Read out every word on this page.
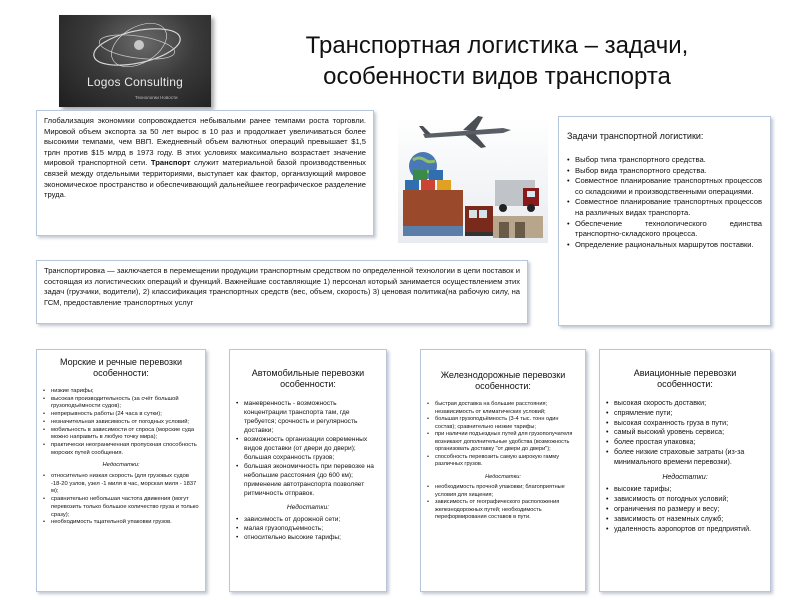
Logos Consulting
Технологии Новости
Транспортная логистика – задачи,
особенности видов транспорта
Глобализация экономики сопровождается небывалыми ранее темпами роста торговли. Мировой объем экспорта за 50 лет вырос в 10 раз и продолжает увеличиваться более высокими темпами, чем ВВП. Ежедневный объем валютных операций превышает $1,5 трлн против $15 млрд в 1973 году. В этих условиях максимально возрастает значение мировой транспортной сети. Транспорт служит материальной базой производственных связей между отдельными территориями, выступает как фактор, организующий мировое экономическое пространство и обеспечивающий дальнейшее географическое разделение труда.
Задачи транспортной логистики:
• Выбор типа транспортного средства.
• Выбор вида транспортного средства.
• Совместное планирование транспортных процессов со складскими и производственными операциями.
• Совместное планирование транспортных процессов на различных видах транспорта.
• Обеспечение технологического единства транспортно-складского процесса.
• Определение рациональных маршрутов поставки.
Транспортировка — заключается в перемещении продукции транспортным средством по определенной технологии в цепи поставок и состоящая из логистических операций и функций. Важнейшие составляющие 1) персонал который занимается осуществлением этих задач (грузчики, водители), 2) классификация транспортных средств (вес, объем, скорость) 3) ценовая политика(на рабочую силу, на ГСМ, предоставление транспортных услуг
Морские и речные перевозки особенности:
• низкие тарифы;
• высокая производительность (за счёт большой грузоподъёмности судов);
• непрерывность работы (24 часа в сутки);
• незначительная зависимость от погодных условий;
• мобильность в зависимости от спроса (морские суда можно направить в любую точку мира);
• практически неограниченная пропускная способность морских путей сообщения.
Недостатки:
• относительно низкая скорость (для грузовых судов -18-20 узлов, узел -1 миля в час, морская миля - 1837 м);
• сравнительно небольшая частота движения (могут перевозить только большое количество груза и только сразу);
• необходимость тщательной упаковки грузов.
Автомобильные перевозки особенности:
• маневренность - возможность концентрации транспорта там, где требуется; срочность и регулярность доставки;
• возможность организации современных видов доставки (от двери до двери); большая сохранность грузов;
• большая экономичность при перевозке на небольшие расстояния (до 600 км); применение автотранспорта позволяет ритмичность отправок.
Недостатки:
• зависимость от дорожной сети;
• малая грузоподъемность;
• относительно высокие тарифы;
Железнодорожные перевозки особенности:
• быстрая доставка на большие расстояния; независимость от климатических условий;
• большая грузоподъёмность (3-4 тыс. тонн один состав); сравнительно низкие тарифы;
• при наличии подъездных путей для грузополучателя возникают дополнительные удобства (возможность организовать доставку "от двери до двери");
• способность перевозить самую широкую гамму различных грузов.
Недостатки:
• необходимость прочной упаковки; благоприятные условия для хищения;
• зависимость от географического расположения железнодорожных путей; необходимость переформирования составов в пути.
Авиационные перевозки особенности:
• высокая скорость доставки;
• спрямление пути;
• высокая сохранность груза в пути;
• самый высокий уровень сервиса;
• более простая упаковка;
• более низкие страховые затраты (из-за минимального времени перевозки).
Недостатки:
• высокие тарифы;
• зависимость от погодных условий;
• ограничения по размеру и весу;
• зависимость от наземных служб;
• удаленность аэропортов от предприятий.
